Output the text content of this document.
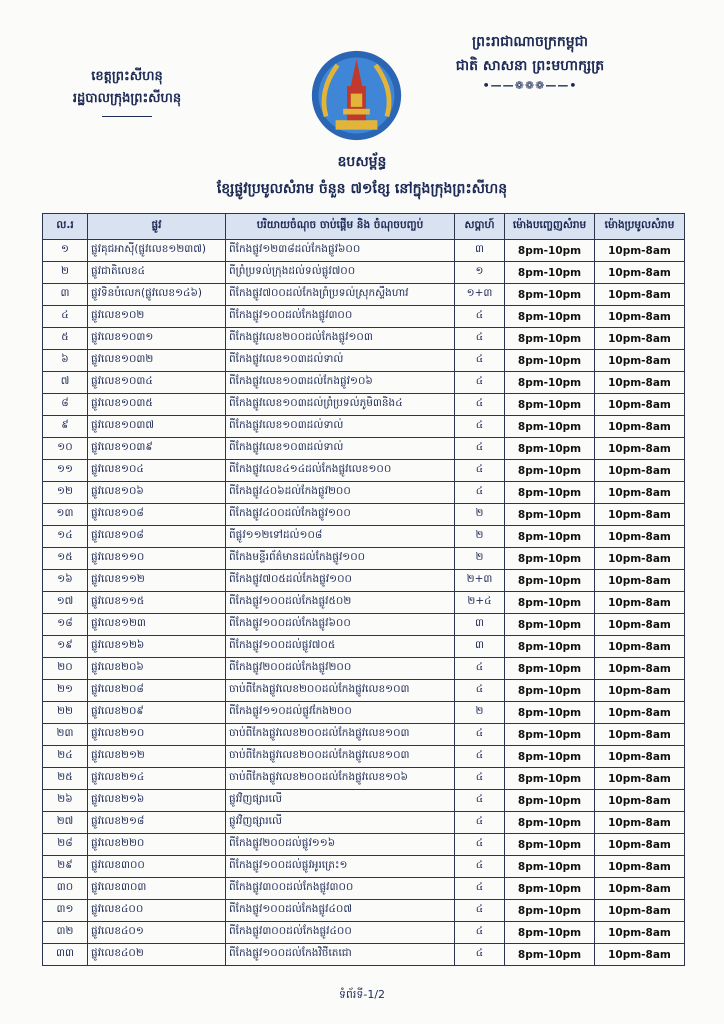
ខេត្តព្រះសីហនុ
រដ្ឋបាលក្រុងព្រះសីហនុ
ព្រះរាជាណាចក្រកម្ពុជា
ជាតិ សាសនា ព្រះមហាក្សត្រ
•——❁❁❁——•
ឧបសម្ព័ន្ធ
ខ្សែផ្លូវប្រមូលសំរាម ចំនួន ៧១ខ្សែ នៅក្នុងក្រុងព្រះសីហនុ
ល.រ	ផ្លូវ	បរិយាយចំណុច ចាប់ផ្តើម និង ចំណុចបញ្ចប់	សប្តាហ៍	ម៉ោងបញ្ចេញសំរាម	ម៉ោងប្រមូលសំរាម
១	ផ្លូវគុជអាស៊ី(ផ្លូវលេខ១២៣៧)	ពីកែងផ្លូវ១២៣៨ដល់កែងផ្លូវ៦០០	៣	8pm-10pm	10pm-8am
២	ផ្លូវជាតិលេខ៤	ពីព្រំប្រទល់ក្រុងដល់ទល់ផ្លូវ៧០០	១	8pm-10pm	10pm-8am
៣	ផ្លូវទិនបំលេក(ផ្លូវលេខ១៤៦)	ពីកែងផ្លូវ៧០០ដល់កែងព្រំប្រទល់ស្រុកស្ទឹងហាវ	១+៣	8pm-10pm	10pm-8am
៤	ផ្លូវលេខ១០២	ពីកែងផ្លូវ១០០ដល់កែងផ្លូវ៣០០	៤	8pm-10pm	10pm-8am
៥	ផ្លូវលេខ១០៣១	ពីកែងផ្លូវលេខ២០០ដល់កែងផ្លូវ១០៣	៤	8pm-10pm	10pm-8am
៦	ផ្លូវលេខ១០៣២	ពីកែងផ្លូវលេខ១០៣ដល់ទាល់	៤	8pm-10pm	10pm-8am
៧	ផ្លូវលេខ១០៣៤	ពីកែងផ្លូវលេខ១០៣ដល់កែងផ្លូវ១០៦	៤	8pm-10pm	10pm-8am
៨	ផ្លូវលេខ១០៣៥	ពីកែងផ្លូវលេខ១០៣ដល់ព្រំប្រទល់ភូមិ៣និង៤	៤	8pm-10pm	10pm-8am
៩	ផ្លូវលេខ១០៣៧	ពីកែងផ្លូវលេខ១០៣ដល់ទាល់	៤	8pm-10pm	10pm-8am
១០	ផ្លូវលេខ១០៣៩	ពីកែងផ្លូវលេខ១០៣ដល់ទាល់	៤	8pm-10pm	10pm-8am
១១	ផ្លូវលេខ១០៤	ពីកែងផ្លូវលេខ៤១៤ដល់កែងផ្លូវលេខ១០០	៤	8pm-10pm	10pm-8am
១២	ផ្លូវលេខ១០៦	ពីកែងផ្លូវ៤០៦ដល់កែងផ្លូវ២០០	៤	8pm-10pm	10pm-8am
១៣	ផ្លូវលេខ១០៨	ពីកែងផ្លូវ៤០០ដល់កែងផ្លូវ១០០	២	8pm-10pm	10pm-8am
១៤	ផ្លូវលេខ១០៨	ពីផ្លូវ១១២ទៅដល់១០៨	២	8pm-10pm	10pm-8am
១៥	ផ្លូវលេខ១១០	ពីកែងមន្ទីរព័ត៌មានដល់កែងផ្លូវ១០០	២	8pm-10pm	10pm-8am
១៦	ផ្លូវលេខ១១២	ពីកែងផ្លូវ៧០៥ដល់កែងផ្លូវ១០០	២+៣	8pm-10pm	10pm-8am
១៧	ផ្លូវលេខ១១៥	ពីកែងផ្លូវ១០០ដល់កែងផ្លូវ៥០២	២+៤	8pm-10pm	10pm-8am
១៨	ផ្លូវលេខ១២៣	ពីកែងផ្លូវ១០០ដល់កែងផ្លូវ៦០០	៣	8pm-10pm	10pm-8am
១៩	ផ្លូវលេខ១២៦	ពីកែងផ្លូវ១០០ដល់ផ្លូវ៧០៥	៣	8pm-10pm	10pm-8am
២០	ផ្លូវលេខ២០៦	ពីកែងផ្លូវ២០០ដល់កែងផ្លូវ២០០	៤	8pm-10pm	10pm-8am
២១	ផ្លូវលេខ២០៨	ចាប់ពីកែងផ្លូវលេខ២០០ដល់កែងផ្លូវលេខ១០៣	៤	8pm-10pm	10pm-8am
២២	ផ្លូវលេខ២០៩	ពីកែងផ្លូវ១១០ដល់ផ្លូវកែង២០០	២	8pm-10pm	10pm-8am
២៣	ផ្លូវលេខ២១០	ចាប់ពីកែងផ្លូវលេខ២០០ដល់កែងផ្លូវលេខ១០៣	៤	8pm-10pm	10pm-8am
២៤	ផ្លូវលេខ២១២	ចាប់ពីកែងផ្លូវលេខ២០០ដល់កែងផ្លូវលេខ១០៣	៤	8pm-10pm	10pm-8am
២៥	ផ្លូវលេខ២១៤	ចាប់ពីកែងផ្លូវលេខ២០០ដល់កែងផ្លូវលេខ១០៦	៤	8pm-10pm	10pm-8am
២៦	ផ្លូវលេខ២១៦	ផ្លូវវិញផ្សារលើ	៤	8pm-10pm	10pm-8am
២៧	ផ្លូវលេខ២១៨	ផ្លូវវិញផ្សារលើ	៤	8pm-10pm	10pm-8am
២៨	ផ្លូវលេខ២២០	ពីកែងផ្លូវ២០០ដល់ផ្លូវ១១៦	៤	8pm-10pm	10pm-8am
២៩	ផ្លូវលេខ៣០០	ពីកែងផ្លូវ១០០ដល់ផ្លូវអូរត្រេះ១	៤	8pm-10pm	10pm-8am
៣០	ផ្លូវលេខ៣០៣	ពីកែងផ្លូវ៣០០ដល់កែងផ្លូវ៣០០	៤	8pm-10pm	10pm-8am
៣១	ផ្លូវលេខ៤០០	ពីកែងផ្លូវ១០០ដល់កែងផ្លូវ៤០៧	៤	8pm-10pm	10pm-8am
៣២	ផ្លូវលេខ៤០១	ពីកែងផ្លូវ៣០០ដល់កែងផ្លូវ៤០០	៤	8pm-10pm	10pm-8am
៣៣	ផ្លូវលេខ៤០២	ពីកែងផ្លូវ១០០ដល់កែងវិថីតេជោ	៤	8pm-10pm	10pm-8am
ទំព័រទី-1/2
